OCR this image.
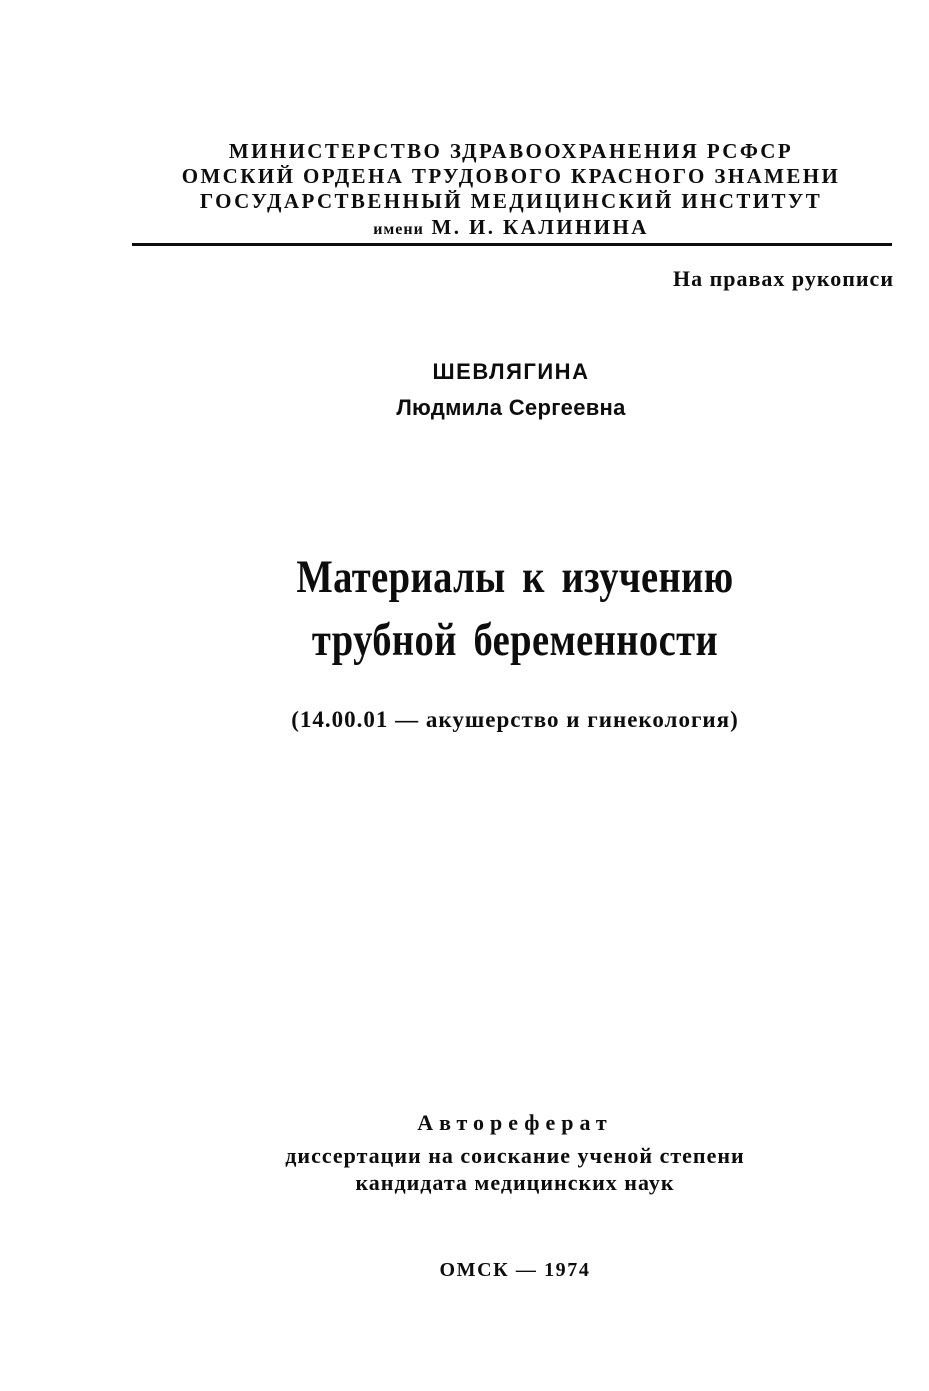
МИНИСТЕРСТВО ЗДРАВООХРАНЕНИЯ РСФСР
ОМСКИЙ ОРДЕНА ТРУДОВОГО КРАСНОГО ЗНАМЕНИ
ГОСУДАРСТВЕННЫЙ МЕДИЦИНСКИЙ ИНСТИТУТ
имени М. И. КАЛИНИНА
На правах рукописи
ШЕВЛЯГИНА
Людмила Сергеевна
Материалы к изучению
трубной беременности
(14.00.01 — акушерство и гинекология)
Автореферат
диссертации на соискание ученой степени
кандидата медицинских наук
ОМСК — 1974
